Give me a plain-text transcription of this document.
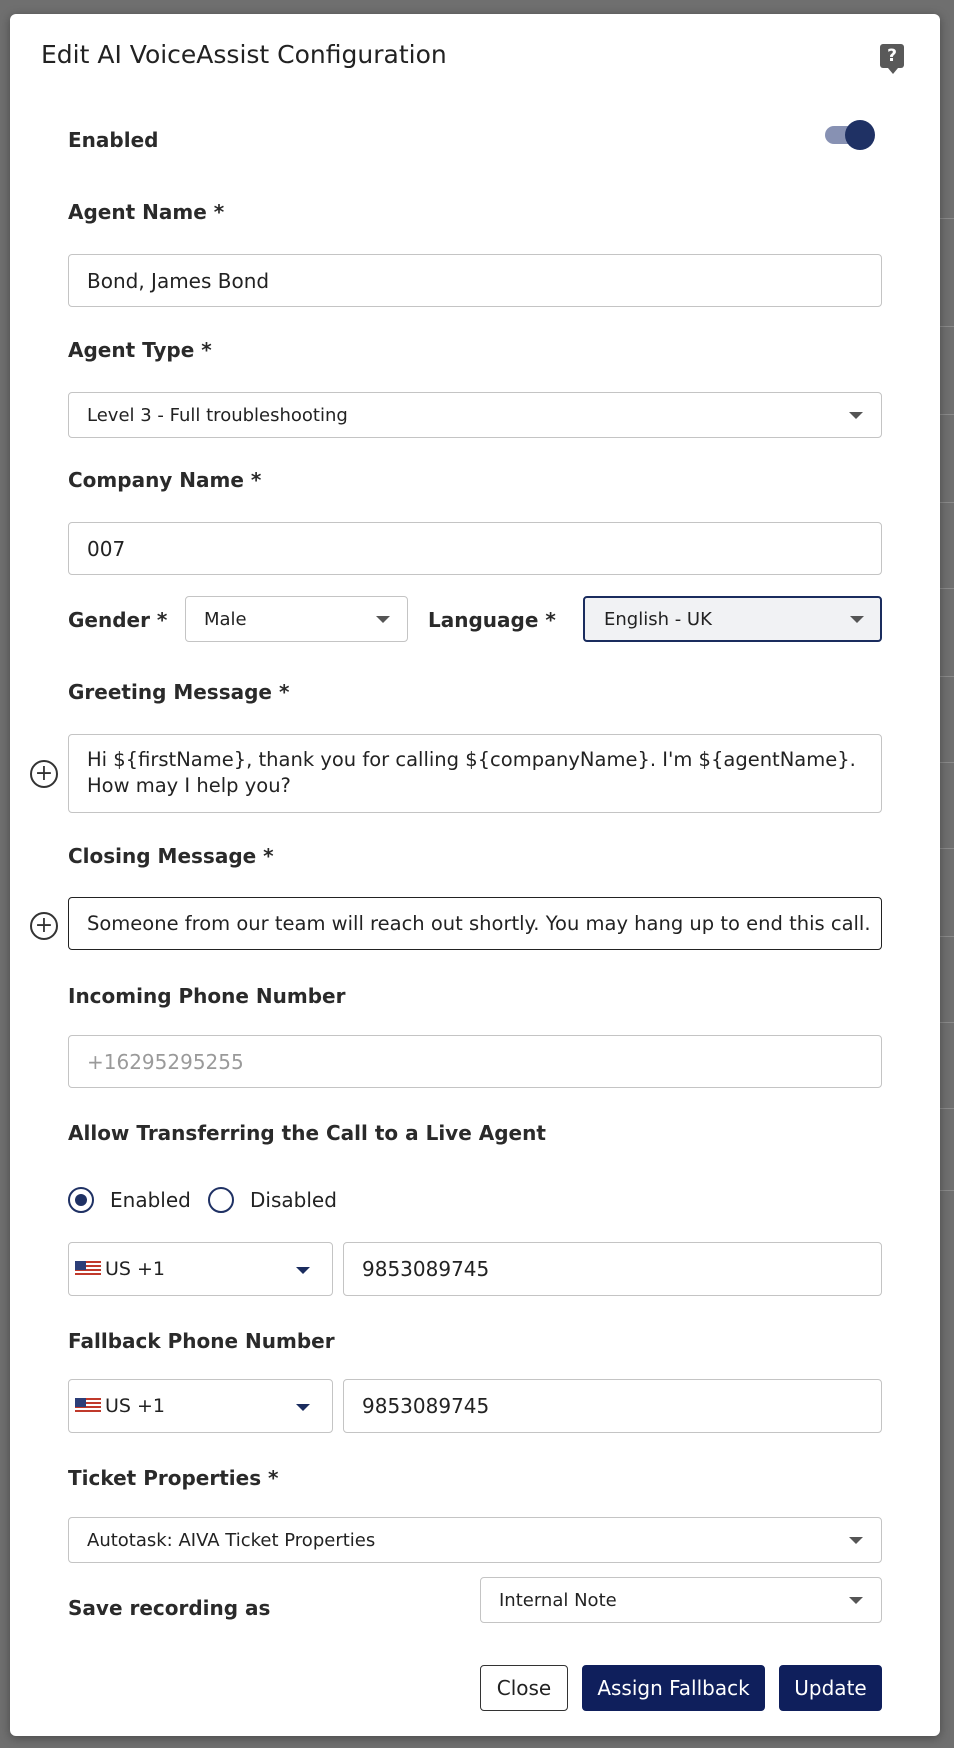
Edit AI VoiceAssist Configuration	?
Enabled
Agent Name *
Bond, James Bond
Agent Type *
Level 3 - Full troubleshooting
Company Name *
007
Gender * Male	Language *	English - UK
Greeting Message *
+
Hi ${firstName}, thank you for calling ${companyName}. I'm ${agentName}. How may I help you?
Closing Message *
+	Someone from our team will reach out shortly. You may hang up to end this call.
Incoming Phone Number
+16295295255
Allow Transferring the Call to a Live Agent
Enabled	Disabled
US +1	9853089745
Fallback Phone Number
US +1	9853089745
Ticket Properties *
Autotask: AIVA Ticket Properties
Save recording as	Internal Note
Close	Assign Fallback	Update
